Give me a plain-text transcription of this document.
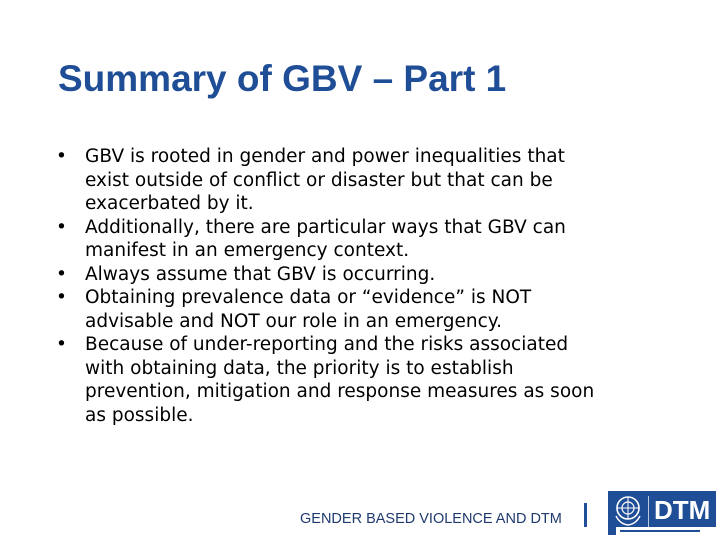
Summary of GBV – Part 1
• GBV is rooted in gender and power inequalities that
exist outside of conflict or disaster but that can be
exacerbated by it.
• Additionally, there are particular ways that GBV can
manifest in an emergency context.
• Always assume that GBV is occurring.
• Obtaining prevalence data or “evidence” is NOT
advisable and NOT our role in an emergency.
• Because of under-reporting and the risks associated
with obtaining data, the priority is to establish
prevention, mitigation and response measures as soon
as possible.
GENDER BASED VIOLENCE AND DTM	DTM
